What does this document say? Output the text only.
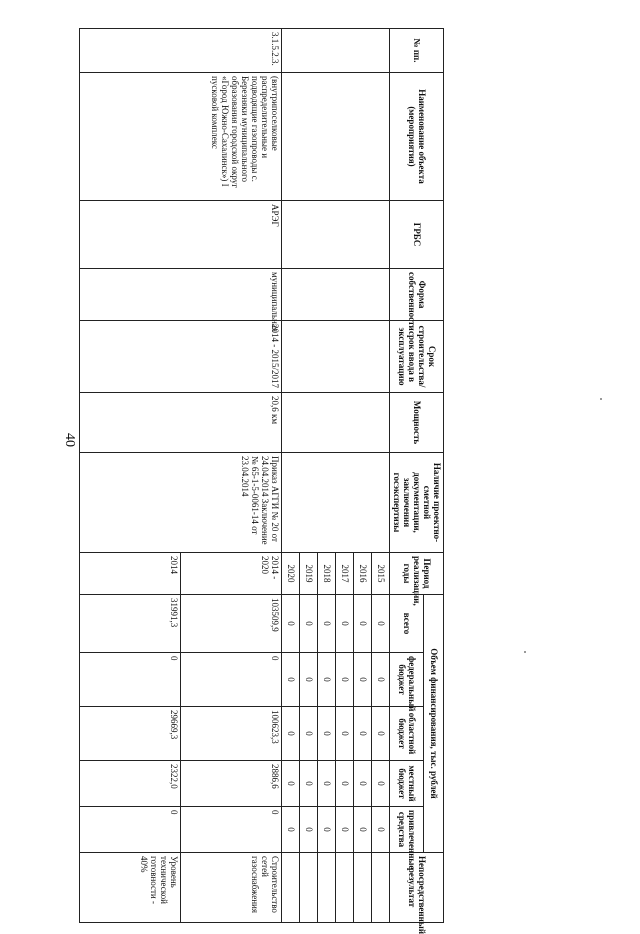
40
№ пп.	Наименование объекта (мероприятия)	ГРБС	Форма собственности	Срок строительства/срок ввода в эксплуатацию	Мощность	Наличие проектно-сметной документации, заключения госэкспертизы	Период реализации, годы	Объем финансирования, тыс. рублей					Непосредственный результат
								всего	федеральный бюджет	областной бюджет	местный бюджет	привлеченные средства	
							2015	0	0	0	0	0	
							2016	0	0	0	0	0	
							2017	0	0	0	0	0	
							2018	0	0	0	0	0	
							2019	0	0	0	0	0	
							2020	0	0	0	0	0	
3.1.5.2.3.	(внутрипоселковые распределительные и подводящие газопроводы с. Березняки муниципального образования городской округ «Город Южно-Сахалинск») I пусковой комплекс	АРЭГ	муниципальная	2014 - 2015/2017	20,6 км	Приказ АГГИ № 20 от 24.04.2014 Заключение № 65-1-5-0061-14 от 23.04.2014	2014 - 2020	103509,9	0	100623,3	2886,6	0	Строительство сетей газоснабжения
							2014	31991,3	0	29669,3	2322,0	0	Уровень технической готовности - 40%
